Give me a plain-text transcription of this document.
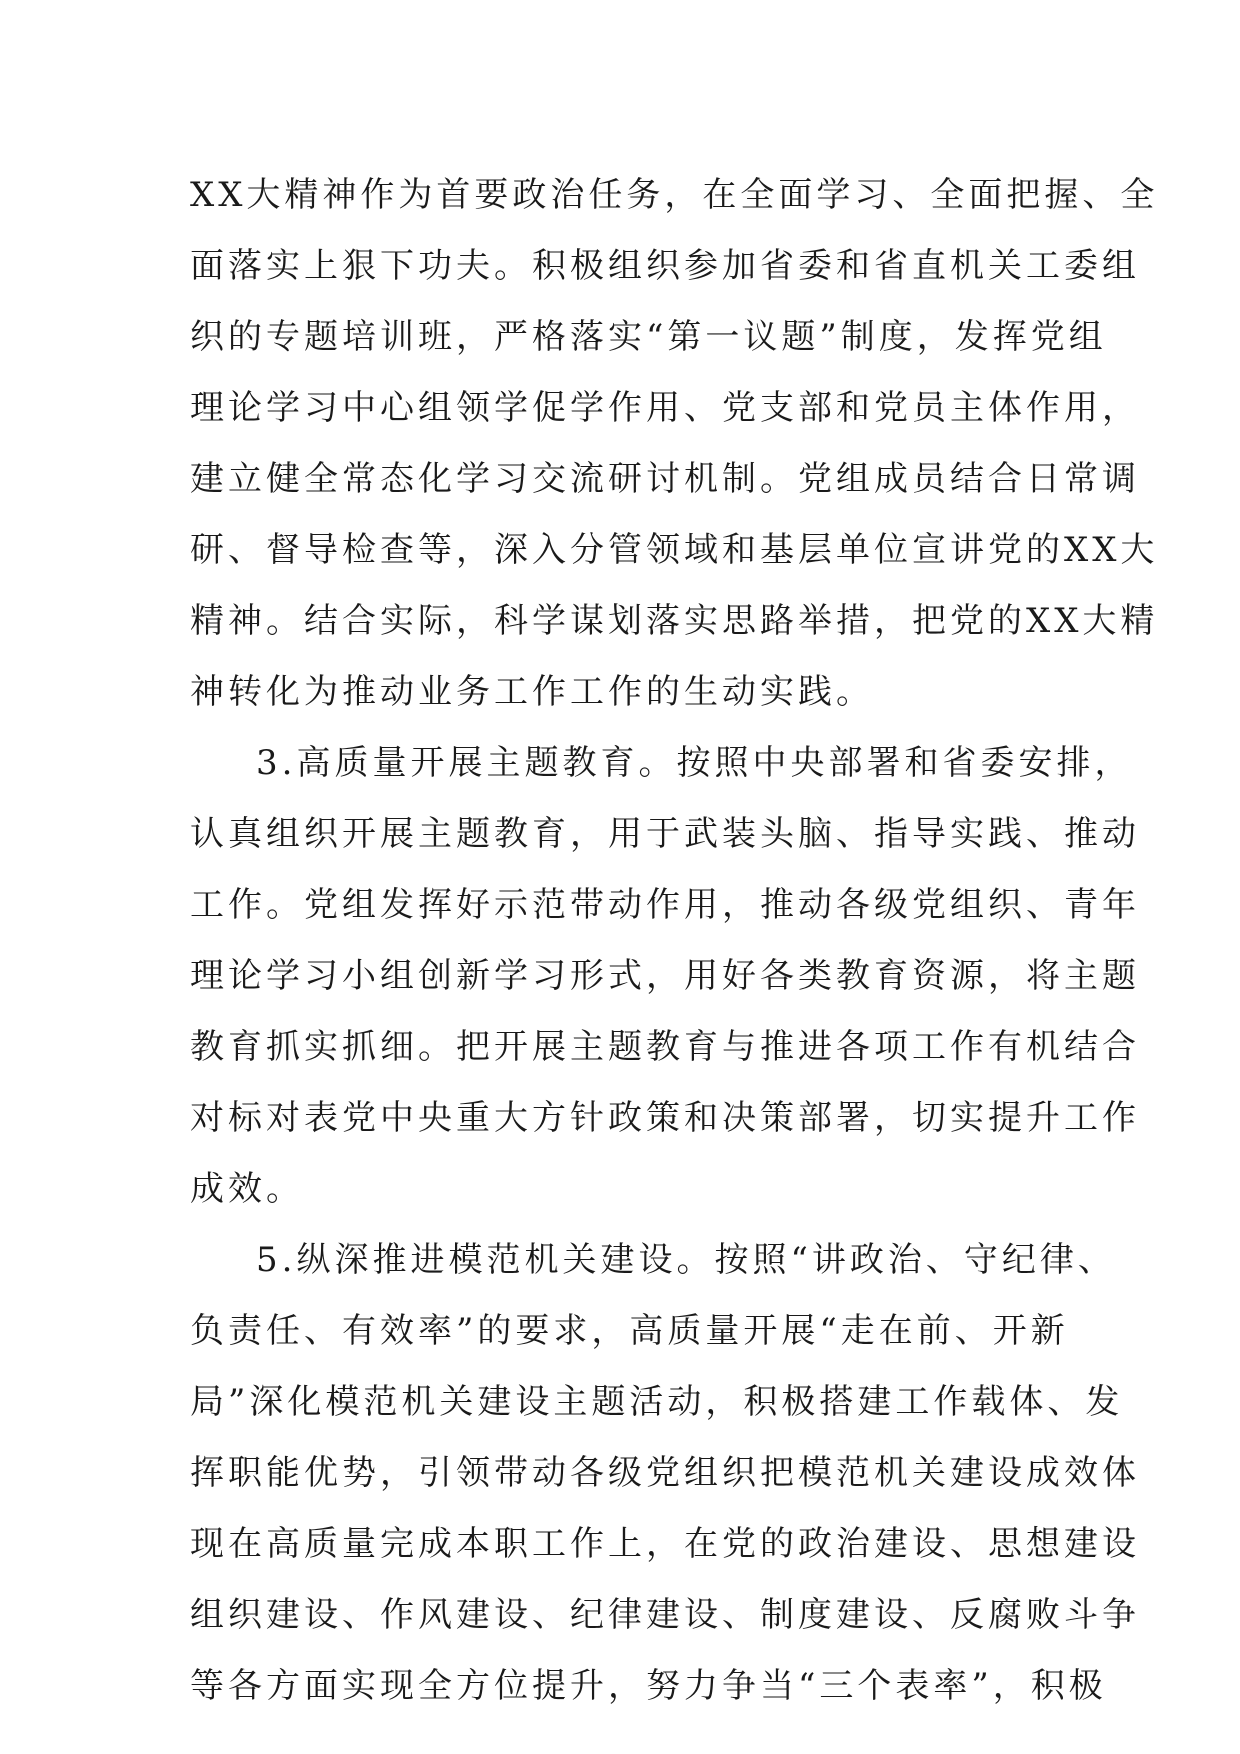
XX大精神作为首要政治任务，在全面学习、全面把握、全
面落实上狠下功夫。积极组织参加省委和省直机关工委组
织的专题培训班，严格落实“第一议题”制度，发挥党组
理论学习中心组领学促学作用、党支部和党员主体作用，
建立健全常态化学习交流研讨机制。党组成员结合日常调
研、督导检查等，深入分管领域和基层单位宣讲党的XX大
精神。结合实际，科学谋划落实思路举措，把党的XX大精
神转化为推动业务工作工作的生动实践。
3.高质量开展主题教育。按照中央部署和省委安排，
认真组织开展主题教育，用于武装头脑、指导实践、推动
工作。党组发挥好示范带动作用，推动各级党组织、青年
理论学习小组创新学习形式，用好各类教育资源，将主题
教育抓实抓细。把开展主题教育与推进各项工作有机结合
对标对表党中央重大方针政策和决策部署，切实提升工作
成效。
5.纵深推进模范机关建设。按照“讲政治、守纪律、
负责任、有效率”的要求，高质量开展“走在前、开新
局”深化模范机关建设主题活动，积极搭建工作载体、发
挥职能优势，引领带动各级党组织把模范机关建设成效体
现在高质量完成本职工作上，在党的政治建设、思想建设
组织建设、作风建设、纪律建设、制度建设、反腐败斗争
等各方面实现全方位提升，努力争当“三个表率”，积极
